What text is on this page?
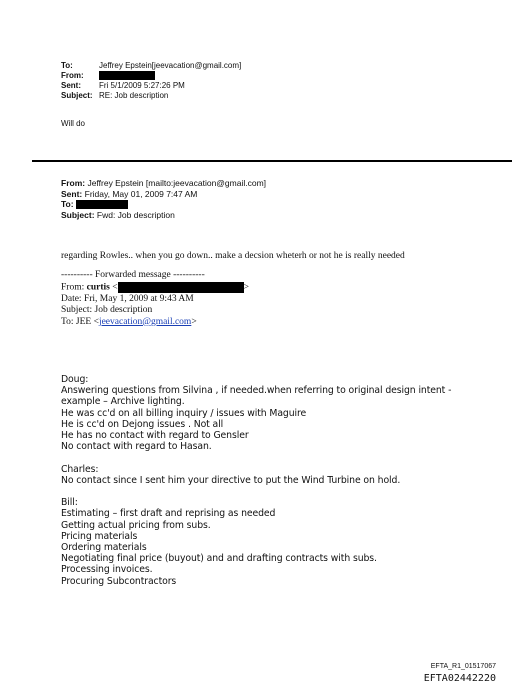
To:	Jeffrey Epstein[jeevacation@gmail.com]
From:
Sent: Fri 5/1/2009 5:27:26 PM
Subject: RE: Job description
Will do
From: Jeffrey Epstein [mailto:jeevacation@gmail.com]
Sent: Friday, May 01, 2009 7:47 AM
To:
Subject: Fwd: Job description
regarding Rowles.. when you go down.. make a decsion wheterh or not he is really needed
---------- Forwarded message ----------
From: curtis <	>
Date: Fri, May 1, 2009 at 9:43 AM
Subject: Job description
To: JEE <jeevacation@gmail.com>
Doug:
Answering questions from Silvina , if needed.when referring to original design intent -
example – Archive lighting.
He was cc'd on all billing inquiry / issues with Maguire
He is cc'd on Dejong issues . Not all
He has no contact with regard to Gensler
No contact with regard to Hasan.
Charles:
No contact since I sent him your directive to put the Wind Turbine on hold.
Bill:
Estimating – first draft and reprising as needed
Getting actual pricing from subs.
Pricing materials
Ordering materials
Negotiating final price (buyout) and and drafting contracts with subs.
Processing invoices.
Procuring Subcontractors
EFTA_R1_01517067
EFTA02442220
